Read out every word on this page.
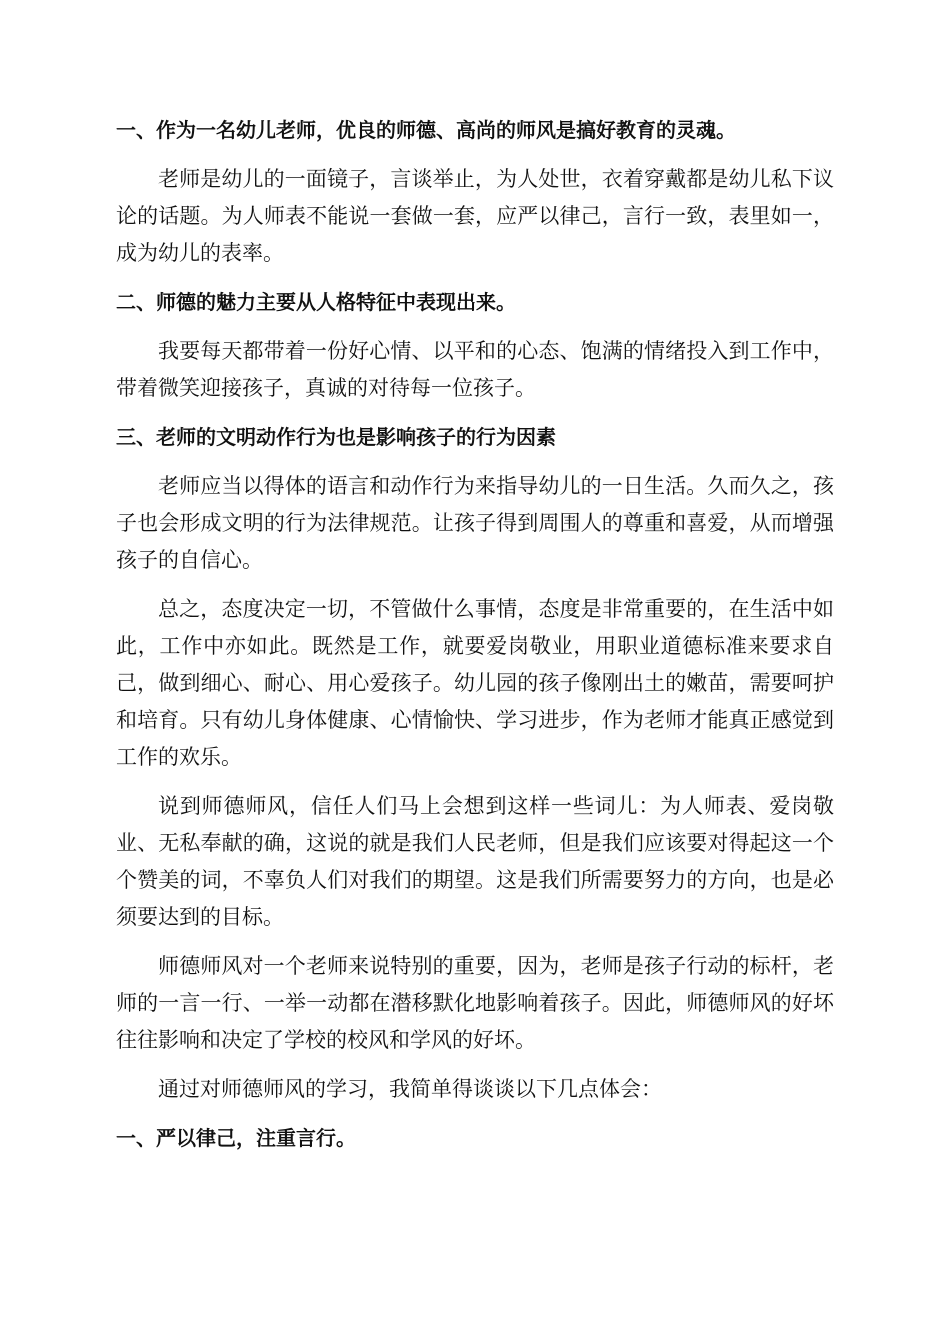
一、作为一名幼儿老师，优良的师德、高尚的师风是搞好教育的灵魂。

老师是幼儿的一面镜子，言谈举止，为人处世，衣着穿戴都是幼儿私下议论的话题。为人师表不能说一套做一套，应严以律己，言行一致，表里如一，成为幼儿的表率。

二、师德的魅力主要从人格特征中表现出来。

我要每天都带着一份好心情、以平和的心态、饱满的情绪投入到工作中，带着微笑迎接孩子，真诚的对待每一位孩子。

三、老师的文明动作行为也是影响孩子的行为因素

老师应当以得体的语言和动作行为来指导幼儿的一日生活。久而久之，孩子也会形成文明的行为法律规范。让孩子得到周围人的尊重和喜爱，从而增强孩子的自信心。

总之，态度决定一切，不管做什么事情，态度是非常重要的，在生活中如此，工作中亦如此。既然是工作，就要爱岗敬业，用职业道德标准来要求自己，做到细心、耐心、用心爱孩子。幼儿园的孩子像刚出土的嫩苗，需要呵护和培育。只有幼儿身体健康、心情愉快、学习进步，作为老师才能真正感觉到工作的欢乐。

说到师德师风，信任人们马上会想到这样一些词儿：为人师表、爱岗敬业、无私奉献的确，这说的就是我们人民老师，但是我们应该要对得起这一个个赞美的词，不辜负人们对我们的期望。这是我们所需要努力的方向，也是必须要达到的目标。

师德师风对一个老师来说特别的重要，因为，老师是孩子行动的标杆，老师的一言一行、一举一动都在潜移默化地影响着孩子。因此，师德师风的好坏往往影响和决定了学校的校风和学风的好坏。

通过对师德师风的学习，我简单得谈谈以下几点体会：

一、严以律己，注重言行。
